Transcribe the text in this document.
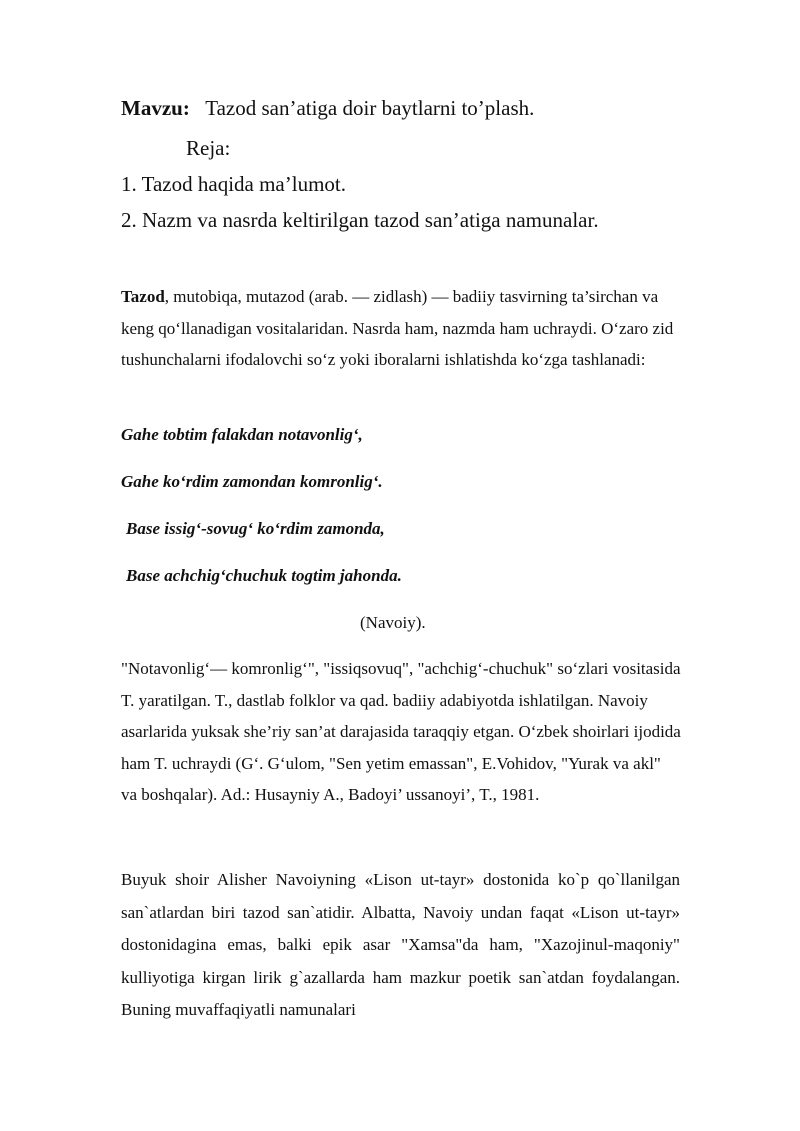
Mavzu: Tazod san’atiga doir baytlarni to’plash.
Reja:
1. Tazod haqida ma’lumot.
2. Nazm va nasrda keltirilgan tazod san’atiga namunalar.
Tazod, mutobiqa, mutazod (arab. — zidlash) — badiiy tasvirning ta’sirchan va keng qo‘llanadigan vositalaridan. Nasrda ham, nazmda ham uchraydi. O‘zaro zid tushunchalarni ifodalovchi so‘z yoki iboralarni ishlatishda ko‘zga tashlanadi:
Gahe tobtim falakdan notavonlig‘,
Gahe ko‘rdim zamondan komronlig‘.
Base issig‘-sovug‘ ko‘rdim zamonda,
Base achchig‘chuchuk togtim jahonda.
(Navoiy).
"Notavonlig‘— komronlig‘", "issiqsovuq", "achchig‘-chuchuk" so‘zlari vositasida T. yaratilgan. T., dastlab folklor va qad. badiiy adabiyotda ishlatilgan. Navoiy asarlarida yuksak she’riy san’at darajasida taraqqiy etgan. O‘zbek shoirlari ijodida ham T. uchraydi (G‘. G‘ulom, "Sen yetim emassan", E.Vohidov, "Yurak va akl" va boshqalar). Ad.: Husayniy A., Badoyi’ ussanoyi’, T., 1981.
Buyuk shoir Alisher Navoiyning «Lison ut-tayr» dostonida ko`p qo`llanilgan san`atlardan biri tazod san`atidir. Albatta, Navoiy undan faqat «Lison ut-tayr» dostonidagina emas, balki epik asar "Xamsa"da ham, "Xazojinul-maqoniy" kulliyotiga kirgan lirik g`azallarda ham mazkur poetik san`atdan foydalangan. Buning muvaffaqiyatli namunalari
